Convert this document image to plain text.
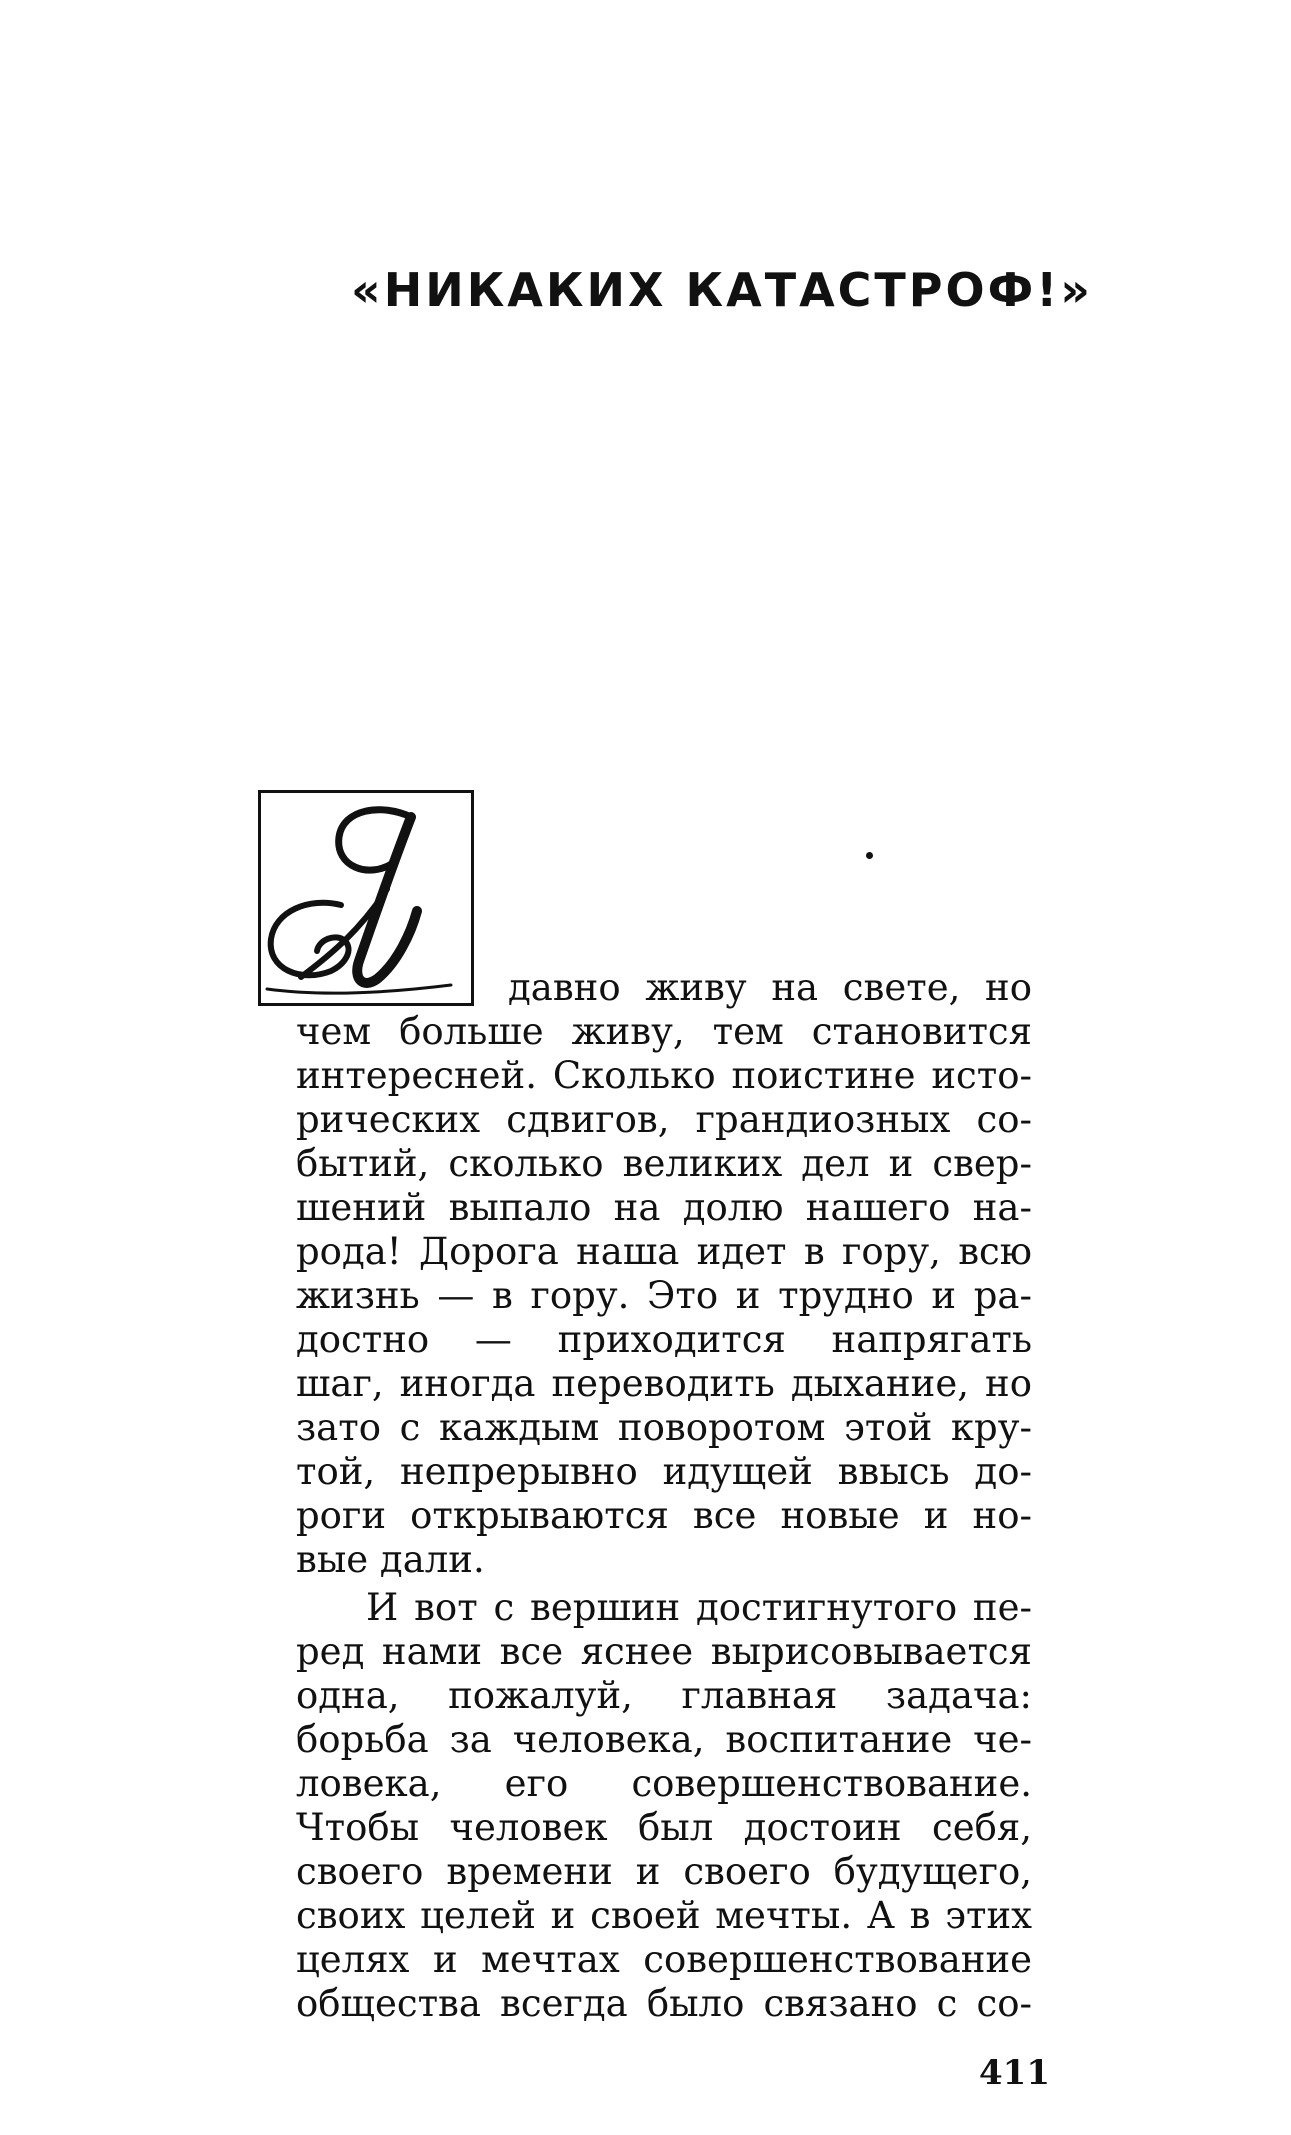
«НИКАКИХ КАТАСТРОФ!»
давно живу на свете, но
чем больше живу, тем становится
интересней. Сколько поистине исто-
рических сдвигов, грандиозных со-
бытий, сколько великих дел и свер-
шений выпало на долю нашего на-
рода! Дорога наша идет в гору, всю
жизнь — в гору. Это и трудно и ра-
достно — приходится напрягать
шаг, иногда переводить дыхание, но
зато с каждым поворотом этой кру-
той, непрерывно идущей ввысь до-
роги открываются все новые и но-
вые дали.
И вот с вершин достигнутого пе-
ред нами все яснее вырисовывается
одна, пожалуй, главная задача:
борьба за человека, воспитание че-
ловека, его совершенствование.
Чтобы человек был достоин себя,
своего времени и своего будущего,
своих целей и своей мечты. А в этих
целях и мечтах совершенствование
общества всегда было связано с со-
411
